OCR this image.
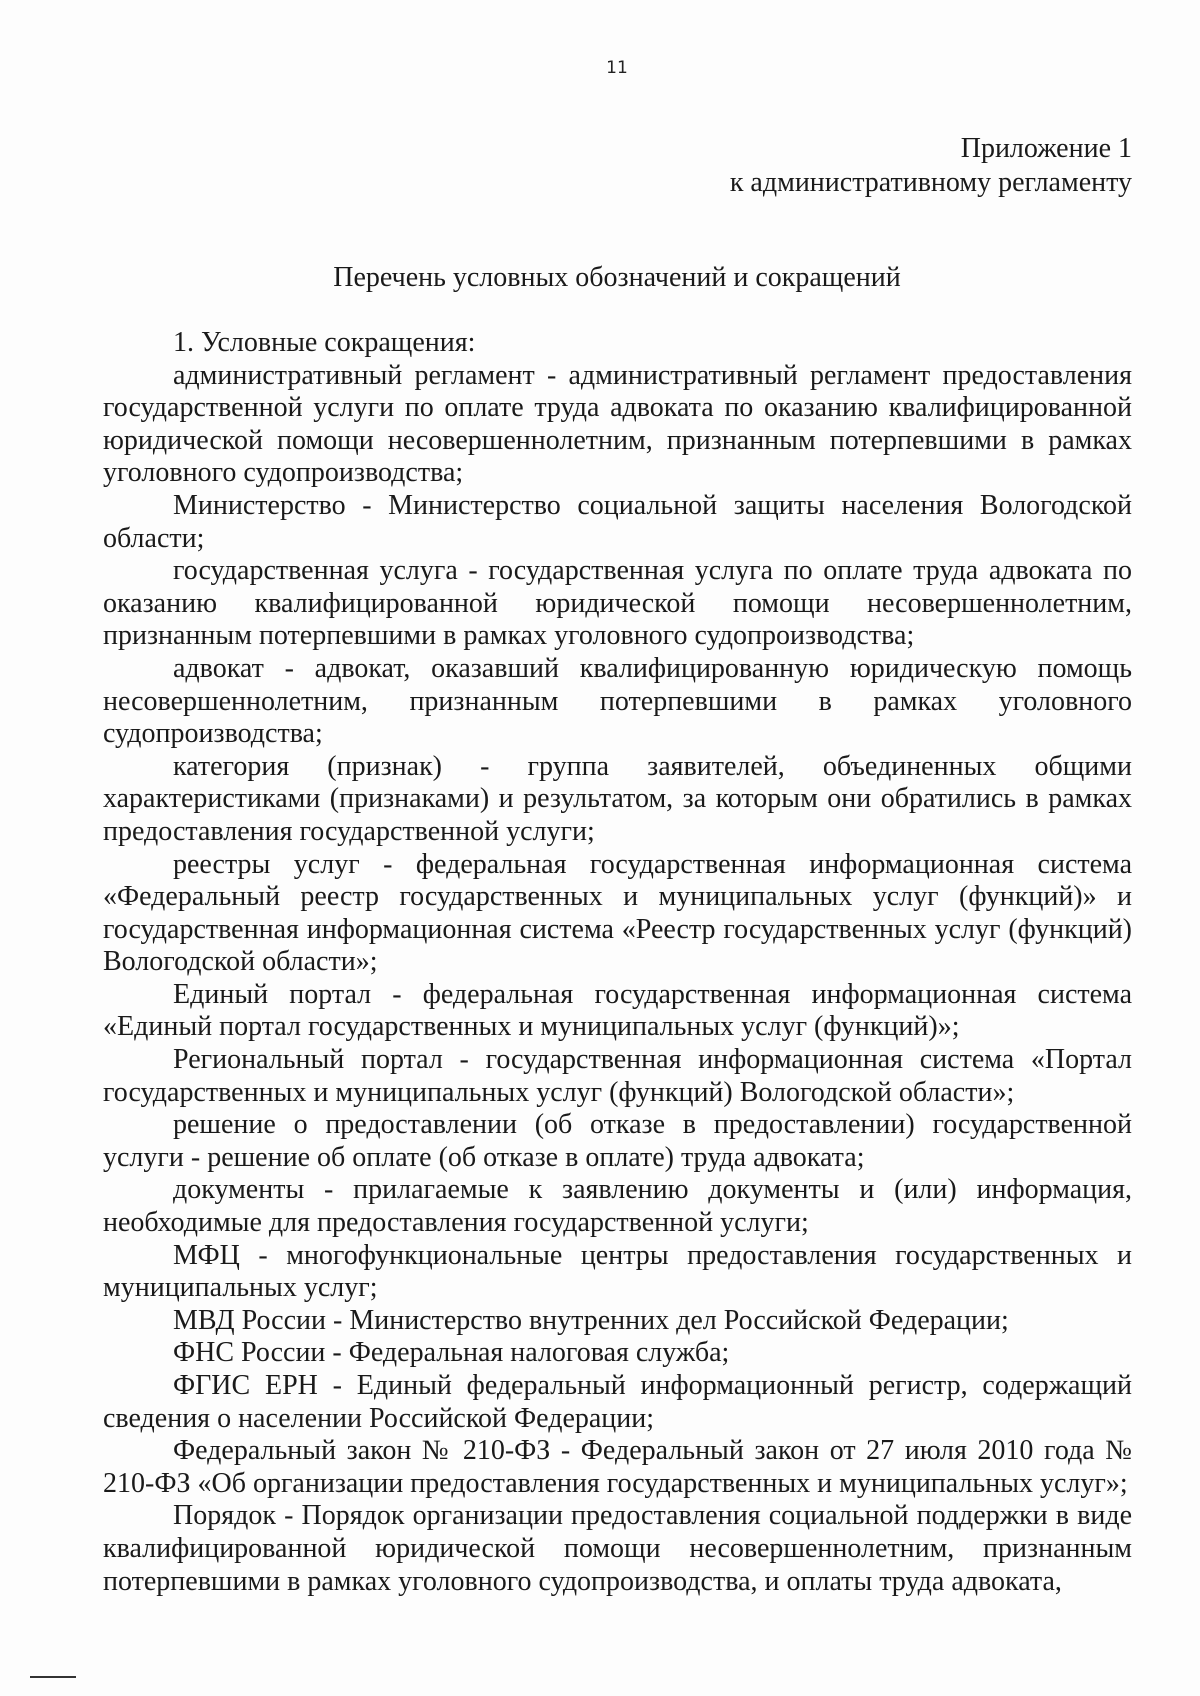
11
Приложение 1
к административному регламенту
Перечень условных обозначений и сокращений

1. Условные сокращения:

административный регламент - административный регламент предоставления государственной услуги по оплате труда адвоката по оказанию квалифицированной юридической помощи несовершеннолетним, признанным потерпевшими в рамках уголовного судопроизводства;

Министерство - Министерство социальной защиты населения Вологодской области;

государственная услуга - государственная услуга по оплате труда адвоката по оказанию квалифицированной юридической помощи несовершеннолетним, признанным потерпевшими в рамках уголовного судопроизводства;

адвокат - адвокат, оказавший квалифицированную юридическую помощь несовершеннолетним, признанным потерпевшими в рамках уголовного судопроизводства;

категория (признак) - группа заявителей, объединенных общими характеристиками (признаками) и результатом, за которым они обратились в рамках предоставления государственной услуги;

реестры услуг - федеральная государственная информационная система «Федеральный реестр государственных и муниципальных услуг (функций)» и государственная информационная система «Реестр государственных услуг (функций) Вологодской области»;

Единый портал - федеральная государственная информационная система «Единый портал государственных и муниципальных услуг (функций)»;

Региональный портал - государственная информационная система «Портал государственных и муниципальных услуг (функций) Вологодской области»;

решение о предоставлении (об отказе в предоставлении) государственной услуги - решение об оплате (об отказе в оплате) труда адвоката;

документы - прилагаемые к заявлению документы и (или) информация, необходимые для предоставления государственной услуги;

МФЦ - многофункциональные центры предоставления государственных и муниципальных услуг;

МВД России - Министерство внутренних дел Российской Федерации;

ФНС России - Федеральная налоговая служба;

ФГИС ЕРН - Единый федеральный информационный регистр, содержащий сведения о населении Российской Федерации;

Федеральный закон № 210-ФЗ - Федеральный закон от 27 июля 2010 года № 210-ФЗ «Об организации предоставления государственных и муниципальных услуг»;

Порядок - Порядок организации предоставления социальной поддержки в виде квалифицированной юридической помощи несовершеннолетним, признанным потерпевшими в рамках уголовного судопроизводства, и оплаты труда адвоката,
